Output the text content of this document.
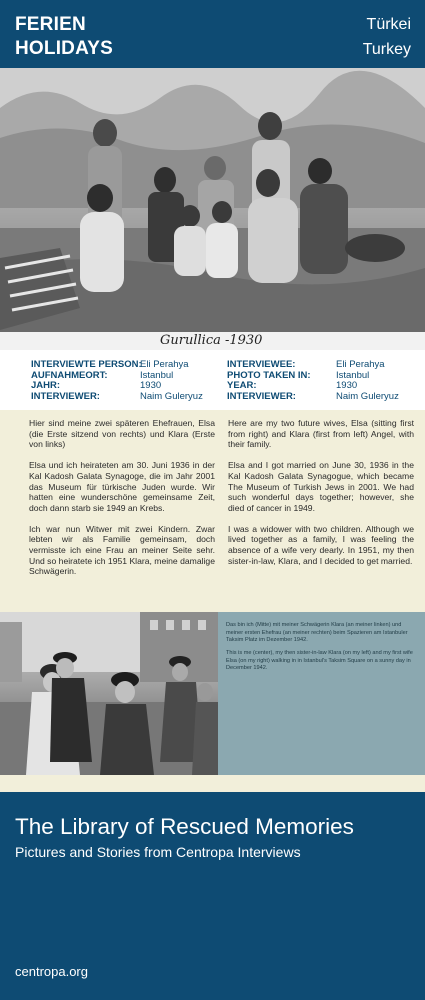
FERIEN
HOLIDAYS
Türkei
Turkey
Gurullica -1930
INTERVIEWTE PERSON:
AUFNAHMEORT:
JAHR:
INTERVIEWER:
Eli Perahya
Istanbul
1930
Naim Guleryuz
INTERVIEWEE:
PHOTO TAKEN IN:
YEAR:
INTERVIEWER:
Eli Perahya
Istanbul
1930
Naim Guleryuz

Hier sind meine zwei späteren Ehefrauen, Elsa (die Erste sitzend von rechts) und Klara (Erste von links)

Elsa und ich heirateten am 30. Juni 1936 in der Kal Kadosh Galata Synagoge, die im Jahr 2001 das Museum für türkische Juden wurde. Wir hatten eine wunderschöne gemeinsame Zeit, doch dann starb sie 1949 an Krebs.

Ich war nun Witwer mit zwei Kindern. Zwar lebten wir als Familie gemeinsam, doch vermisste ich eine Frau an meiner Seite sehr. Und so heiratete ich 1951 Klara, meine damalige Schwägerin.

Here are my two future wives, Elsa (sitting first from right) and Klara (first from left) Angel, with their family.

Elsa and I got married on June 30, 1936 in the Kal Kadosh Galata Synagogue, which became The Museum of Turkish Jews in 2001. We had such wonderful days together; however, she died of cancer in 1949.

I was a widower with two children. Although we lived together as a family, I was feeling the absence of a wife very dearly. In 1951, my then sister-in-law, Klara, and I decided to get married.

Das bin ich (Mitte) mit meiner Schwägerin Klara (an meiner linken) und meiner ersten Ehefrau (an meiner rechten) beim Spazieren am Istanbuler Taksim Platz im Dezember 1942.
This is me (center), my then sister-in-law Klara (on my left) and my first wife Elsa (on my right) walking in in Istanbul's Taksim Square on a sunny day in December 1942.
The Library of Rescued Memories
Pictures and Stories from Centropa Interviews
centropa.org
